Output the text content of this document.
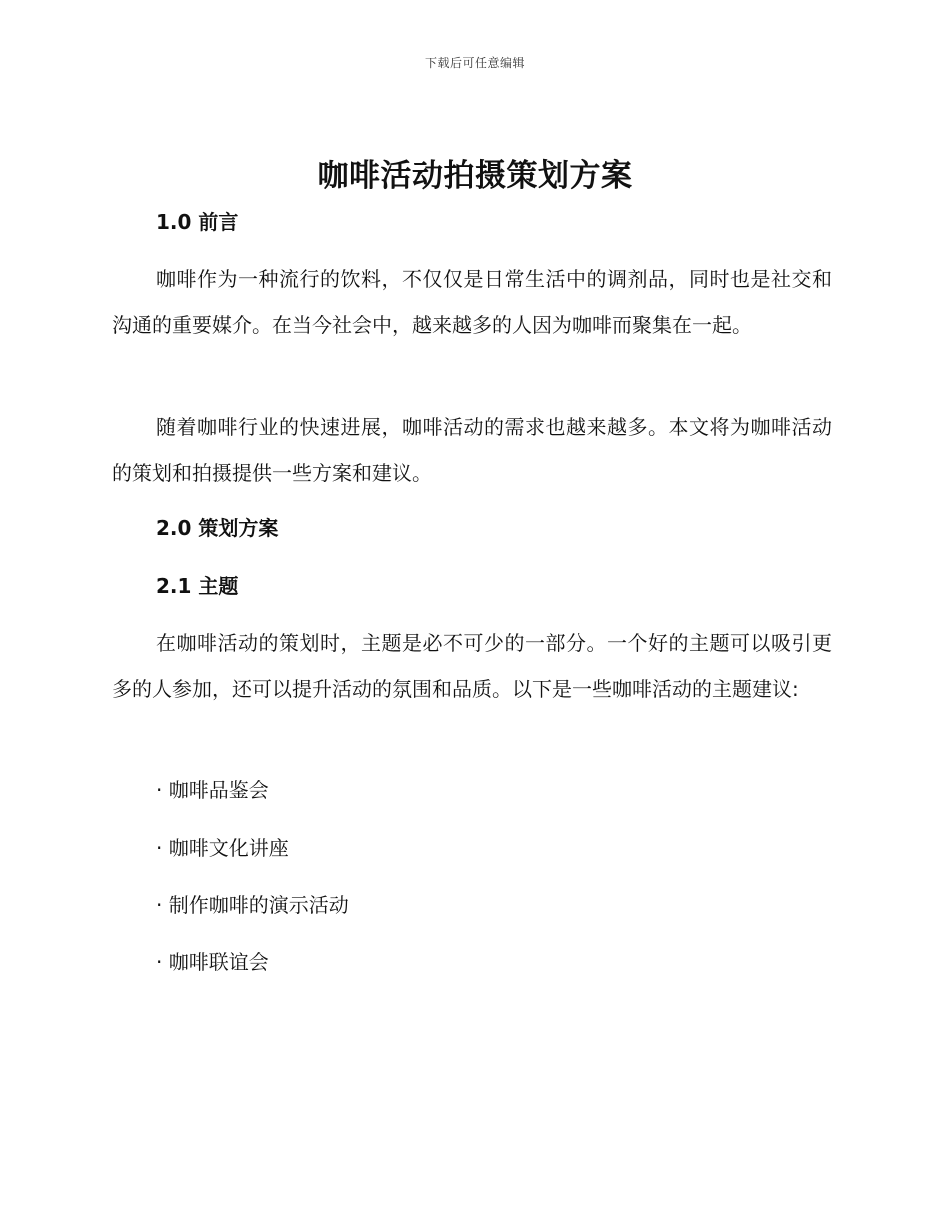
下载后可任意编辑
咖啡活动拍摄策划方案
1.0 前言

咖啡作为一种流行的饮料，不仅仅是日常生活中的调剂品，同时也是社交和沟通的重要媒介。在当今社会中，越来越多的人因为咖啡而聚集在一起。

随着咖啡行业的快速进展，咖啡活动的需求也越来越多。本文将为咖啡活动的策划和拍摄提供一些方案和建议。

2.0 策划方案
2.1 主题

在咖啡活动的策划时，主题是必不可少的一部分。一个好的主题可以吸引更多的人参加，还可以提升活动的氛围和品质。以下是一些咖啡活动的主题建议:

· 咖啡品鉴会

· 咖啡文化讲座

· 制作咖啡的演示活动

· 咖啡联谊会
